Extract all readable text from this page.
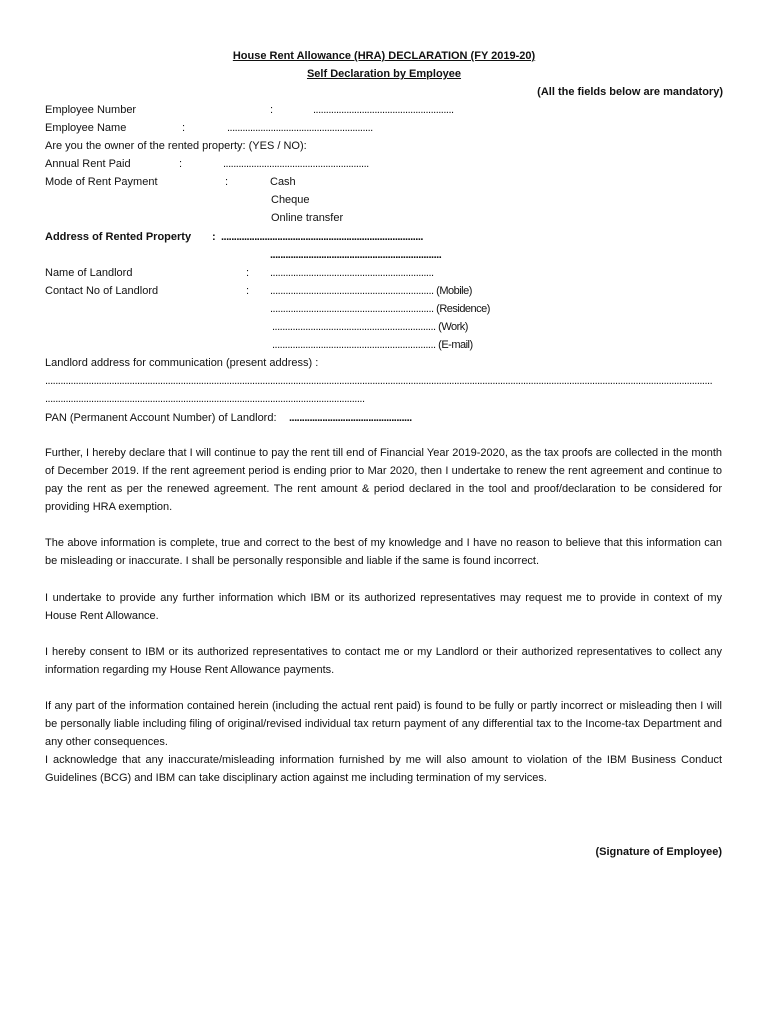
House Rent Allowance (HRA) DECLARATION (FY 2019-20)
Self Declaration by Employee
(All the fields below are mandatory)
Employee Number	:	.......................................................
Employee Name	:	.........................................................
Are you the owner of the rented property: (YES / NO):
Annual Rent Paid	:	.........................................................
Mode of Rent Payment	:	Cash
Cheque
Online transfer
Address of Rented Property : ...............................................................................
...................................................................
Name of Landlord	: ................................................................
Contact No of Landlord	: ................................................................ (Mobile)
................................................................ (Residence)
................................................................ (Work)
................................................................ (E-mail)
Landlord address for communication (present address) :
.....................................................................................................................................................................................................................................................................
.............................................................................................................................
PAN (Permanent Account Number) of Landlord: ................................................
Further, I hereby declare that I will continue to pay the rent till end of Financial Year 2019-2020, as the tax proofs are collected in the month of December 2019. If the rent agreement period is ending prior to Mar 2020, then I undertake to renew the rent agreement and continue to pay the rent as per the renewed agreement. The rent amount & period declared in the tool and proof/declaration to be considered for providing HRA exemption.
The above information is complete, true and correct to the best of my knowledge and I have no reason to believe that this information can be misleading or inaccurate. I shall be personally responsible and liable if the same is found incorrect.
I undertake to provide any further information which IBM or its authorized representatives may request me to provide in context of my House Rent Allowance.
I hereby consent to IBM or its authorized representatives to contact me or my Landlord or their authorized representatives to collect any information regarding my House Rent Allowance payments.
If any part of the information contained herein (including the actual rent paid) is found to be fully or partly incorrect or misleading then I will be personally liable including filing of original/revised individual tax return payment of any differential tax to the Income-tax Department and any other consequences.
I acknowledge that any inaccurate/misleading information furnished by me will also amount to violation of the IBM Business Conduct Guidelines (BCG) and IBM can take disciplinary action against me including termination of my services.
(Signature of Employee)
